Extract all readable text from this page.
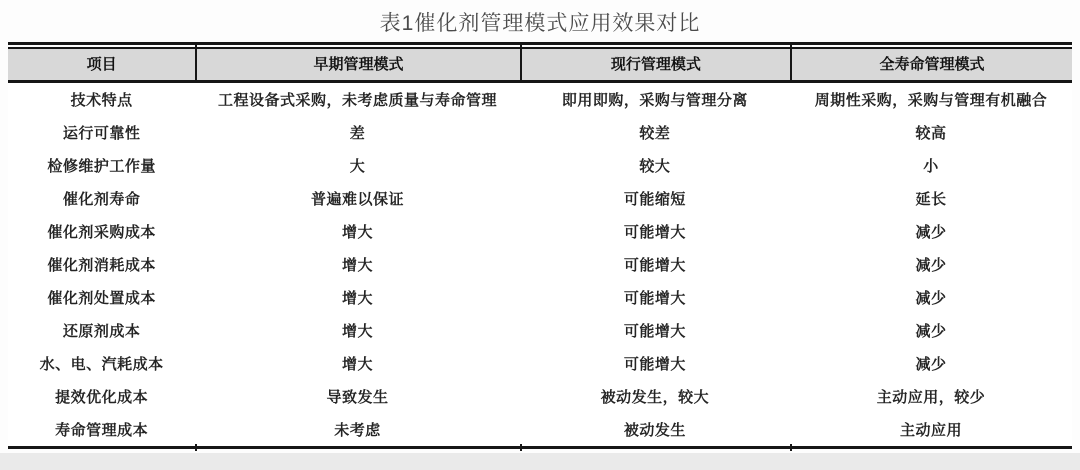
表1催化剂管理模式应用效果对比
项目	早期管理模式	现行管理模式	全寿命管理模式
技术特点	工程设备式采购，未考虑质量与寿命管理	即用即购，采购与管理分离	周期性采购，采购与管理有机融合
运行可靠性	差	较差	较高
检修维护工作量	大	较大	小
催化剂寿命	普遍难以保证	可能缩短	延长
催化剂采购成本	增大	可能增大	减少
催化剂消耗成本	增大	可能增大	减少
催化剂处置成本	增大	可能增大	减少
还原剂成本	增大	可能增大	减少
水、电、汽耗成本	增大	可能增大	减少
提效优化成本	导致发生	被动发生，较大	主动应用，较少
寿命管理成本	未考虑	被动发生	主动应用
